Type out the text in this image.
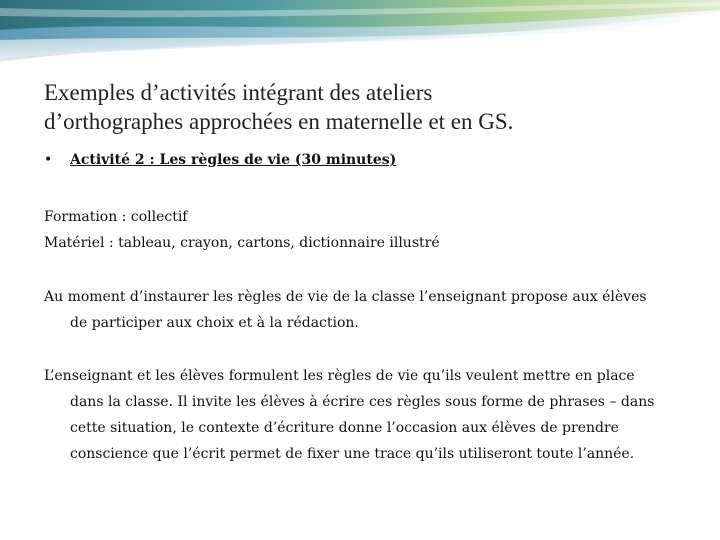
Exemples d’activités intégrant des ateliers
d’orthographes approchées en maternelle et en GS.
•	Activité 2 : Les règles de vie (30 minutes)
Formation : collectif
Matériel : tableau, crayon, cartons, dictionnaire illustré
Au moment d’instaurer les règles de vie de la classe l’enseignant propose aux élèves
de participer aux choix et à la rédaction.
L’enseignant et les élèves formulent les règles de vie qu’ils veulent mettre en place
dans la classe. Il invite les élèves à écrire ces règles sous forme de phrases – dans
cette situation, le contexte d’écriture donne l’occasion aux élèves de prendre
conscience que l’écrit permet de fixer une trace qu’ils utiliseront toute l’année.
